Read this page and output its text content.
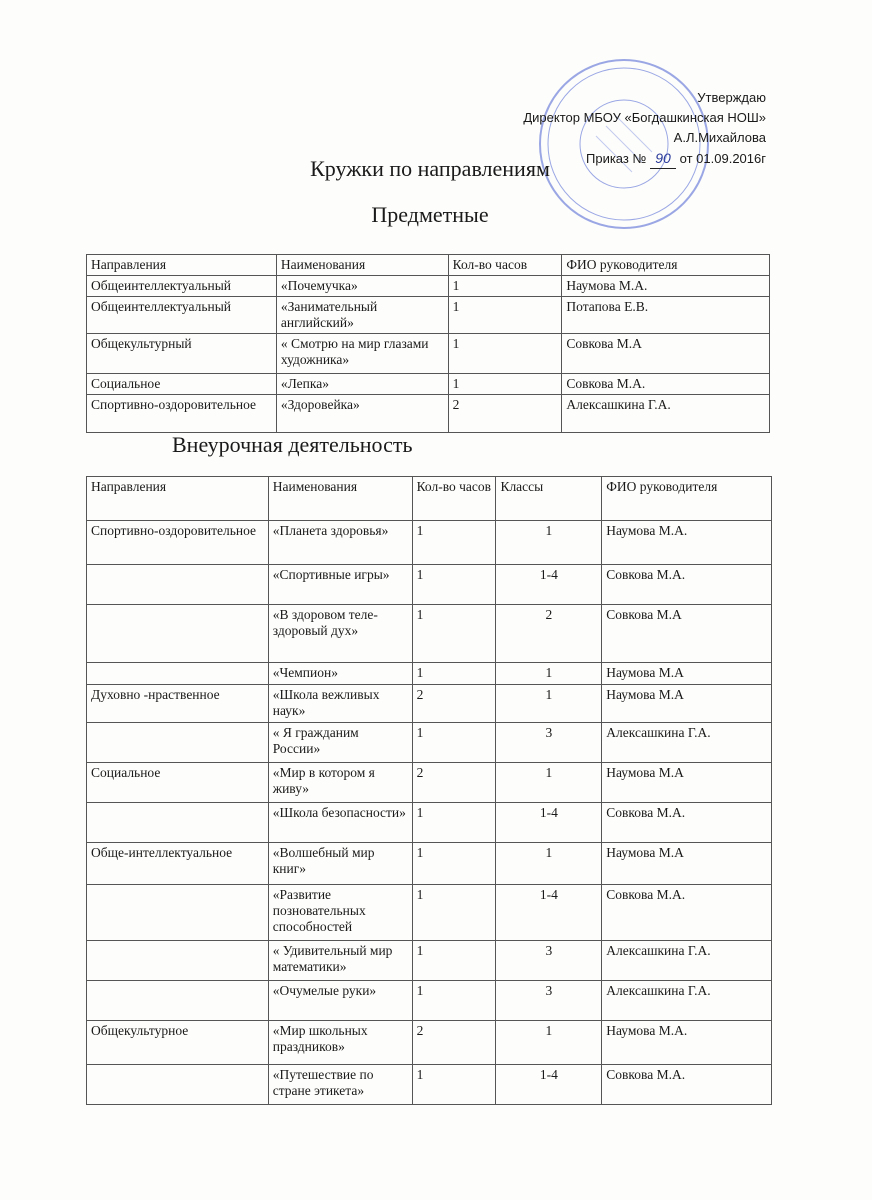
Утверждаю
Директор МБОУ «Богдашкинская НОШ»
А.Л.Михайлова
Приказ № 90 от 01.09.2016г
Кружки по направлениям
Предметные
Направления	Наименования	Кол-во часов	ФИО руководителя
Общеинтеллектуальный	«Почемучка»	1	Наумова М.А.
Общеинтеллектуальный	«Занимательный английский»	1	Потапова Е.В.
Общекультурный	« Смотрю на мир глазами художника»	1	Совкова М.А
Социальное	«Лепка»	1	Совкова М.А.
Спортивно-оздоровительное	«Здоровейка»	2	Алексашкина Г.А.
Внеурочная деятельность
Направления	Наименования	Кол-во часов	Классы	ФИО руководителя
Спортивно-оздоровительное	«Планета здоровья»	1	1	Наумова М.А.
	«Спортивные игры»	1	1-4	Совкова М.А.
	«В здоровом теле-здоровый дух»	1	2	Совкова М.А
	«Чемпион»	1	1	Наумова М.А
Духовно -нраственное	«Школа вежливых наук»	2	1	Наумова М.А
	« Я гражданим России»	1	3	Алексашкина Г.А.
Социальное	«Мир в котором я живу»	2	1	Наумова М.А
	«Школа безопасности»	1	1-4	Совкова М.А.
Обще-интеллектуальное	«Волшебный мир книг»	1	1	Наумова М.А
	«Развитие позновательных способностей	1	1-4	Совкова М.А.
	« Удивительный мир математики»	1	3	Алексашкина Г.А.
	«Очумелые руки»	1	3	Алексашкина Г.А.
Общекультурное	«Мир школьных праздников»	2	1	Наумова М.А.
	«Путешествие по стране этикета»	1	1-4	Совкова М.А.
